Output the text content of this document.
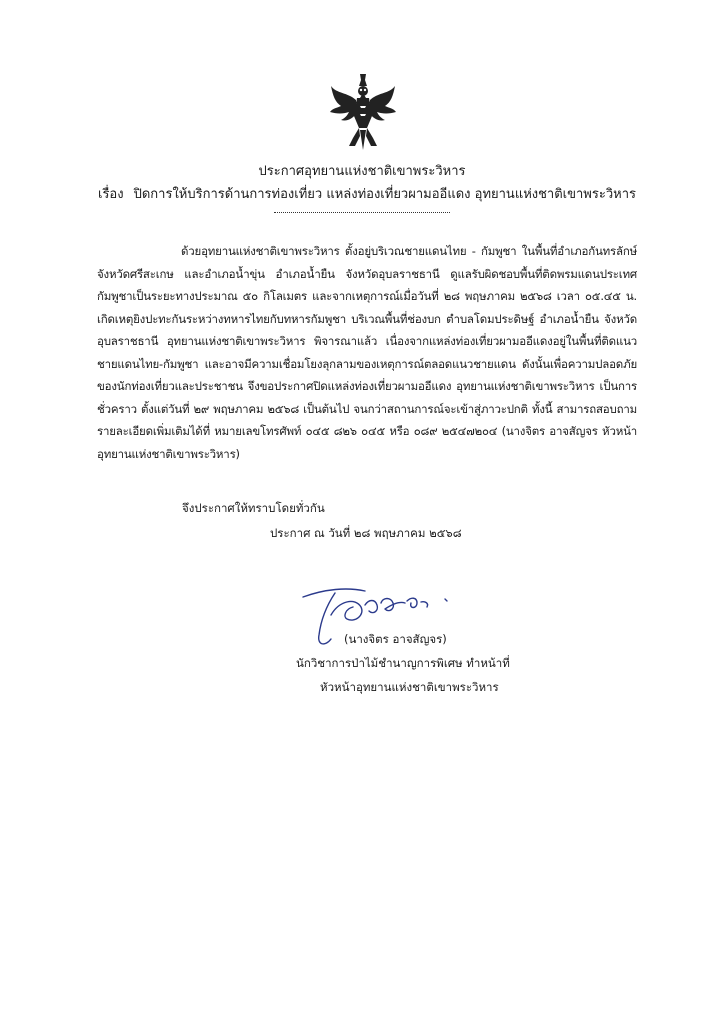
ประกาศอุทยานแห่งชาติเขาพระวิหาร
เรื่อง ปิดการให้บริการด้านการท่องเที่ยว แหล่งท่องเที่ยวผามออีแดง อุทยานแห่งชาติเขาพระวิหาร

ด้วยอุทยานแห่งชาติเขาพระวิหาร ตั้งอยู่บริเวณชายแดนไทย - กัมพูชา ในพื้นที่อำเภอกันทรลักษ์ จังหวัดศรีสะเกษ และอำเภอน้ำขุ่น อำเภอน้ำยืน จังหวัดอุบลราชธานี ดูแลรับผิดชอบพื้นที่ติดพรมแดนประเทศกัมพูชาเป็นระยะทางประมาณ ๕๐ กิโลเมตร และจากเหตุการณ์เมื่อวันที่ ๒๘ พฤษภาคม ๒๕๖๘ เวลา ๐๕.๔๕ น. เกิดเหตุยิงปะทะกันระหว่างทหารไทยกับทหารกัมพูชา บริเวณพื้นที่ช่องบก ตำบลโดมประดิษฐ์ อำเภอน้ำยืน จังหวัดอุบลราชธานี อุทยานแห่งชาติเขาพระวิหาร พิจารณาแล้ว เนื่องจากแหล่งท่องเที่ยวผามออีแดงอยู่ในพื้นที่ติดแนวชายแดนไทย-กัมพูชา และอาจมีความเชื่อมโยงลุกลามของเหตุการณ์ตลอดแนวชายแดน ดังนั้นเพื่อความปลอดภัยของนักท่องเที่ยวและประชาชน จึงขอประกาศปิดแหล่งท่องเที่ยวผามออีแดง อุทยานแห่งชาติเขาพระวิหาร เป็นการชั่วคราว ตั้งแต่วันที่ ๒๙ พฤษภาคม ๒๕๖๘ เป็นต้นไป จนกว่าสถานการณ์จะเข้าสู่ภาวะปกติ ทั้งนี้ สามารถสอบถามรายละเอียดเพิ่มเติมได้ที่ หมายเลขโทรศัพท์ ๐๔๕ ๘๒๖ ๐๔๕ หรือ ๐๘๙ ๒๕๔๗๒๐๔ (นางจิตร อาจสัญจร หัวหน้าอุทยานแห่งชาติเขาพระวิหาร)

จึงประกาศให้ทราบโดยทั่วกัน
ประกาศ ณ วันที่ ๒๘ พฤษภาคม ๒๕๖๘
(นางจิตร อาจสัญจร)
นักวิชาการป่าไม้ชำนาญการพิเศษ ทำหน้าที่
หัวหน้าอุทยานแห่งชาติเขาพระวิหาร
